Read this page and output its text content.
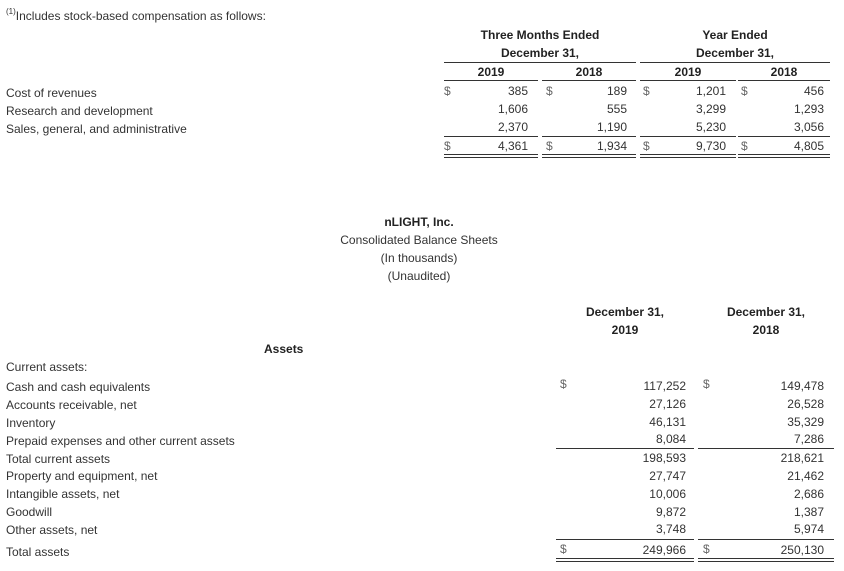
$^{(1)}$Includes stock-based compensation as follows:
Three Months Ended
December 31,
Year Ended
December 31,
2019	2018	2019	2018
Cost of revenues	$	385 $	189 $	1,201 $	456
Research and development	1,606	555	3,299	1,293
Sales, general, and administrative	2,370	1,190	5,230	3,056
$	4,361 $	1,934 $	9,730 $	4,805
nLIGHT, Inc.
Consolidated Balance Sheets
(In thousands)
(Unaudited)
December 31,
2019
December 31,
2018
Assets
Current assets:
Cash and cash equivalents	$	117,252 $	149,478
Accounts receivable, net	27,126	26,528
Inventory	46,131	35,329
Prepaid expenses and other current assets	8,084	7,286
Total current assets	198,593	218,621
Property and equipment, net	27,747	21,462
Intangible assets, net	10,006	2,686
Goodwill	9,872	1,387
Other assets, net	3,748	5,974
Total assets	$	249,966 $	250,130
